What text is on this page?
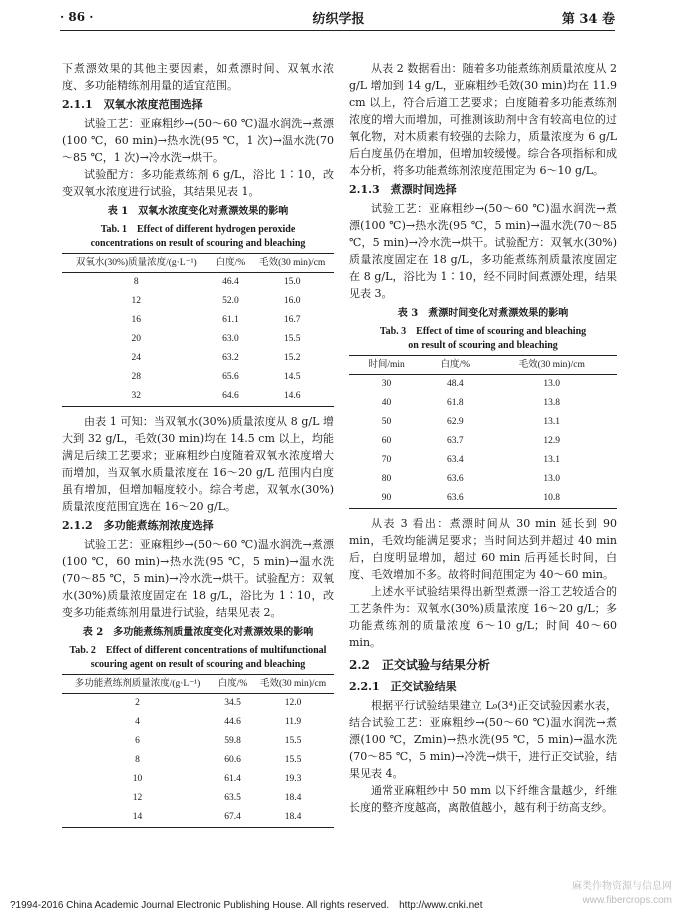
· 86 ·	纺织学报	第 34 卷

下煮漂效果的其他主要因素，如煮漂时间、双氧水浓度、多功能精练剂用量的适宜范围。

2.1.1　双氧水浓度范围选择

试验工艺：亚麻粗纱→(50～60 ℃)温水润洗→煮漂(100 ℃，60 min)→热水洗(95 ℃，1 次)→温水洗(70～85 ℃，1 次)→冷水洗→烘干。

试验配方：多功能煮练剂 6 g/L，浴比 1∶10，改变双氧水浓度进行试验，其结果见表 1。

表 1　双氧水浓度变化对煮漂效果的影响
Tab. 1　Effect of different hydrogen peroxide
concentrations on result of scouring and bleaching
双氧水(30%)质量浓度/(g·L⁻¹)	白度/%	毛效(30 min)/cm
8	46.4	15.0
12	52.0	16.0
16	61.1	16.7
20	63.0	15.5
24	63.2	15.2
28	65.6	14.5
32	64.6	14.6

由表 1 可知：当双氧水(30%)质量浓度从 8 g/L 增大到 32 g/L，毛效(30 min)均在 14.5 cm 以上，均能满足后续工艺要求；亚麻粗纱白度随着双氧水浓度增大而增加，当双氧水质量浓度在 16～20 g/L 范围内白度虽有增加，但增加幅度较小。综合考虑，双氧水(30%)质量浓度范围宜选在 16～20 g/L。

2.1.2　多功能煮练剂浓度选择

试验工艺：亚麻粗纱→(50～60 ℃)温水润洗→煮漂(100 ℃，60 min)→热水洗(95 ℃，5 min)→温水洗(70～85 ℃，5 min)→冷水洗→烘干。试验配方：双氧水(30%)质量浓度固定在 18 g/L，浴比为 1∶10，改变多功能煮练剂用量进行试验，结果见表 2。

表 2　多功能煮练剂质量浓度变化对煮漂效果的影响
Tab. 2　Effect of different concentrations of multifunctional
scouring agent on result of scouring and bleaching
多功能煮练剂质量浓度/(g·L⁻¹)	白度/%	毛效(30 min)/cm
2	34.5	12.0
4	44.6	11.9
6	59.8	15.5
8	60.6	15.5
10	61.4	19.3
12	63.5	18.4
14	67.4	18.4

从表 2 数据看出：随着多功能煮练剂质量浓度从 2 g/L 增加到 14 g/L，亚麻粗纱毛效(30 min)均在 11.9 cm 以上，符合后道工艺要求；白度随着多功能煮练剂浓度的增大而增加，可推测该助剂中含有较高电位的过氧化物，对木质素有较强的去除力，质量浓度为 6 g/L 后白度虽仍在增加，但增加较缓慢。综合各项指标和成本分析，将多功能煮练剂浓度范围定为 6～10 g/L。

2.1.3　煮漂时间选择

试验工艺：亚麻粗纱→(50～60 ℃)温水润洗→煮漂(100 ℃)→热水洗(95 ℃，5 min)→温水洗(70～85 ℃，5 min)→冷水洗→烘干。试验配方：双氧水(30%)质量浓度固定在 18 g/L，多功能煮练剂质量浓度固定在 8 g/L，浴比为 1∶10，经不同时间煮漂处理，结果见表 3。

表 3　煮漂时间变化对煮漂效果的影响
Tab. 3　Effect of time of scouring and bleaching
on result of scouring and bleaching
时间/min	白度/%	毛效(30 min)/cm
30	48.4	13.0
40	61.8	13.8
50	62.9	13.1
60	63.7	12.9
70	63.4	13.1
80	63.6	13.0
90	63.6	10.8

从表 3 看出：煮漂时间从 30 min 延长到 90 min，毛效均能满足要求；当时间达到并超过 40 min 后，白度明显增加，超过 60 min 后再延长时间，白度、毛效增加不多。故将时间范围定为 40～60 min。

上述水平试验结果得出新型煮漂一浴工艺较适合的工艺条件为：双氧水(30%)质量浓度 16～20 g/L；多功能煮练剂的质量浓度 6～10 g/L；时间 40～60 min。

2.2　正交试验与结果分析
2.2.1　正交试验结果

根据平行试验结果建立 L₉(3⁴)正交试验因素水表，结合试验工艺：亚麻粗纱→(50～60 ℃)温水润洗→煮漂(100 ℃，Zmin)→热水洗(95 ℃，5 min)→温水洗(70～85 ℃，5 min)→冷洗→烘干，进行正交试验，结果见表 4。

通常亚麻粗纱中 50 mm 以下纤维含量越少，纤维长度的整齐度越高，离散值越小，越有利于纺高支纱。

?1994-2016 China Academic Journal Electronic Publishing House. All rights reserved.　http://www.cnki.net
麻类作物资源与信息网 www.fibercrops.com
